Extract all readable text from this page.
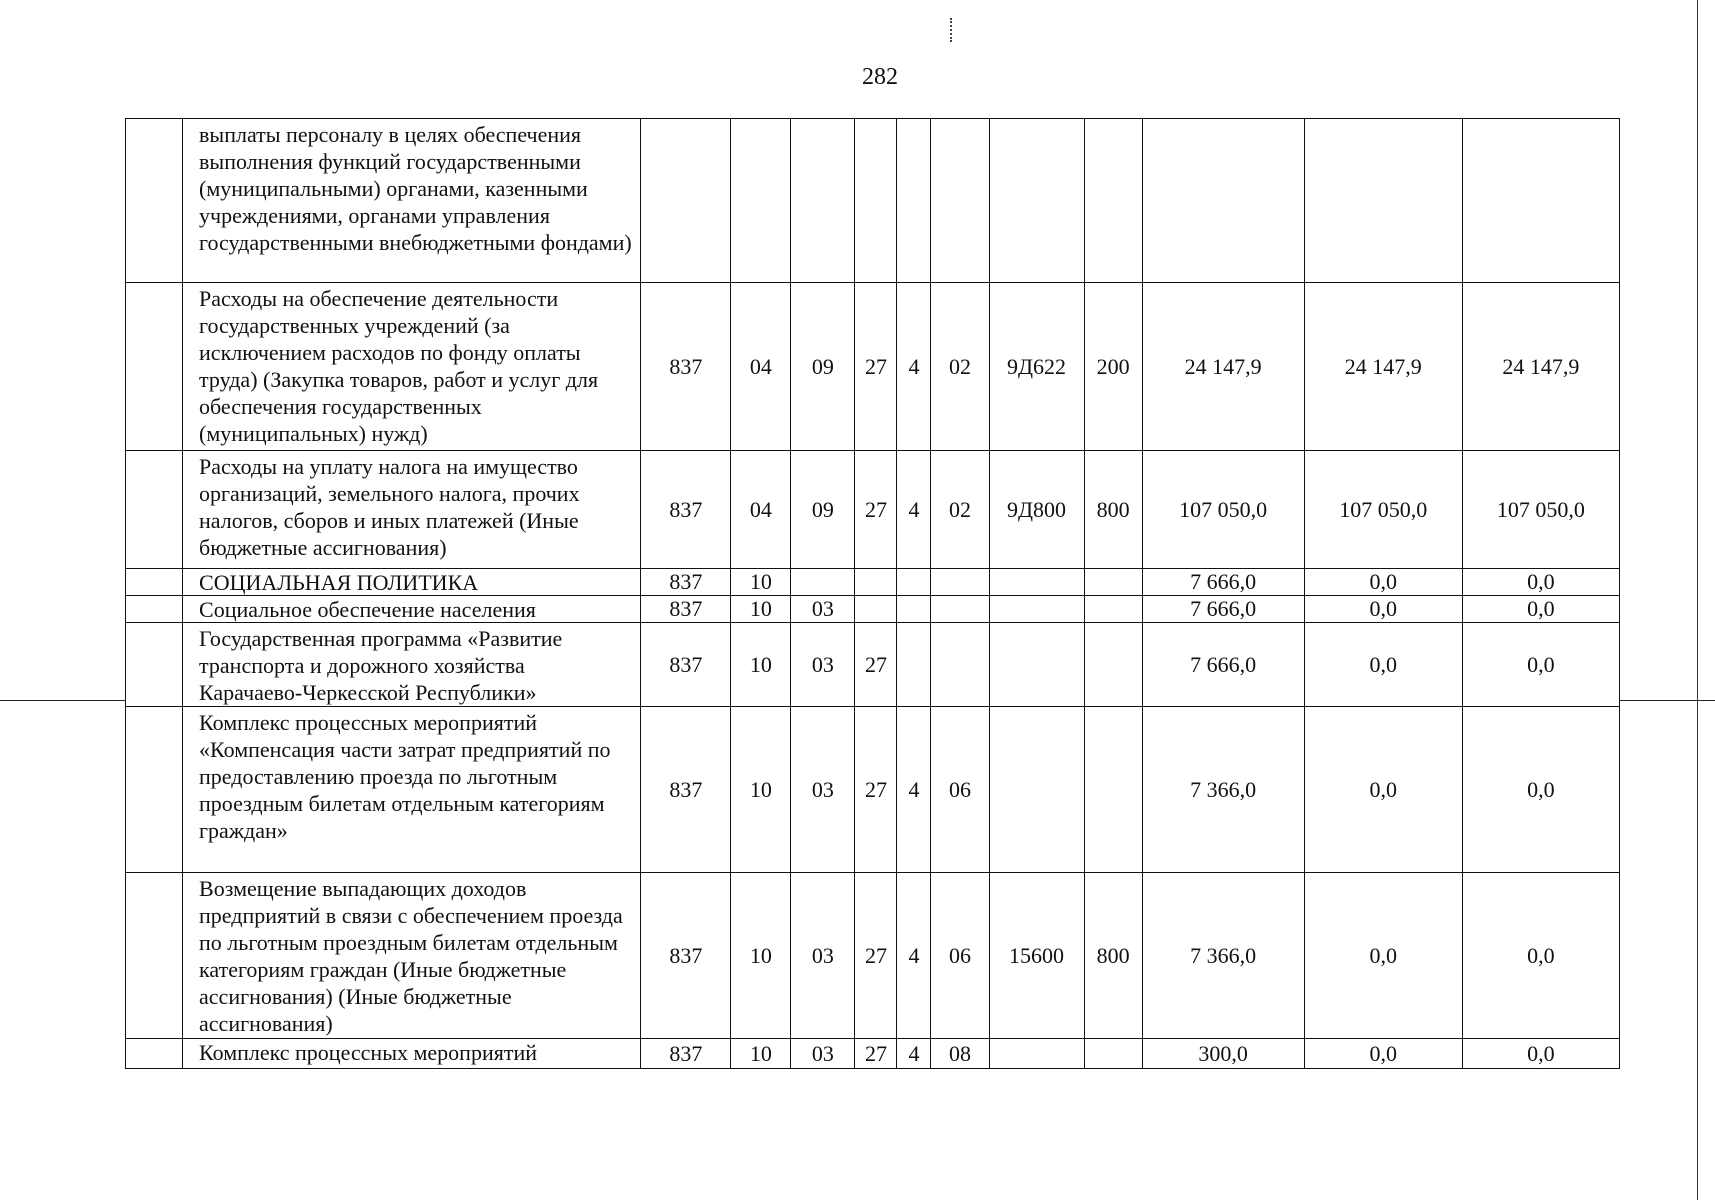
282
	выплаты персоналу в целях обеспечения выполнения функций государственными (муниципальными) органами, казенными учреждениями, органами управления государственными внебюджетными фондами)											
	Расходы на обеспечение деятельности государственных учреждений (за исключением расходов по фонду оплаты труда) (Закупка товаров, работ и услуг для обеспечения государственных (муниципальных) нужд)	837	04	09	27	4	02	9Д622	200	24 147,9	24 147,9	24 147,9
	Расходы на уплату налога на имущество организаций, земельного налога, прочих налогов, сборов и иных платежей (Иные бюджетные ассигнования)	837	04	09	27	4	02	9Д800	800	107 050,0	107 050,0	107 050,0
	СОЦИАЛЬНАЯ ПОЛИТИКА	837	10							7 666,0	0,0	0,0
	Социальное обеспечение населения	837	10	03						7 666,0	0,0	0,0
	Государственная программа «Развитие транспорта и дорожного хозяйства Карачаево-Черкесской Республики»	837	10	03	27					7 666,0	0,0	0,0
	Комплекс процессных мероприятий «Компенсация части затрат предприятий по предоставлению проезда по льготным проездным билетам отдельным категориям граждан»	837	10	03	27	4	06			7 366,0	0,0	0,0
	Возмещение выпадающих доходов предприятий в связи с обеспечением проезда по льготным проездным билетам отдельным категориям граждан (Иные бюджетные ассигнования) (Иные бюджетные ассигнования)	837	10	03	27	4	06	15600	800	7 366,0	0,0	0,0
	Комплекс процессных мероприятий	837	10	03	27	4	08			300,0	0,0	0,0
